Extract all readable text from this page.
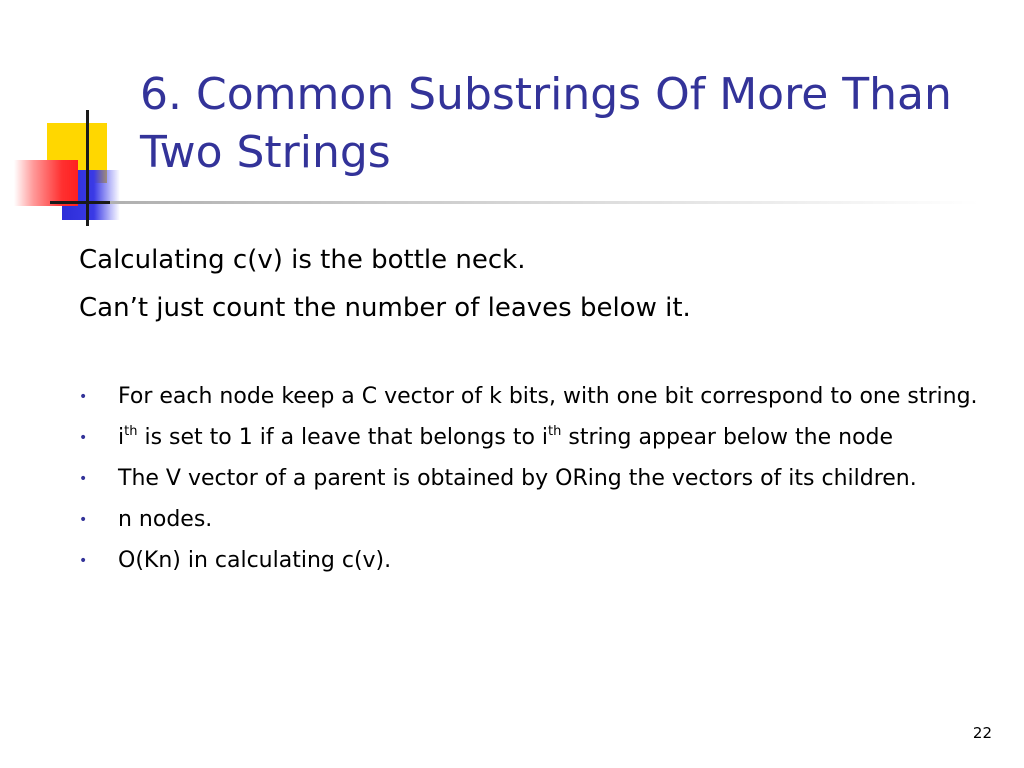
6. Common Substrings Of More Than Two Strings

Calculating c(v) is the bottle neck.

Can’t just count the number of leaves below it.

• For each node keep a C vector of k bits, with one bit correspond to one string.
• $i^{th}$ is set to 1 if a leave that belongs to $i^{th}$ string appear below the node
• The V vector of a parent is obtained by ORing the vectors of its children.
• n nodes.
• O(Kn) in calculating c(v).
22
